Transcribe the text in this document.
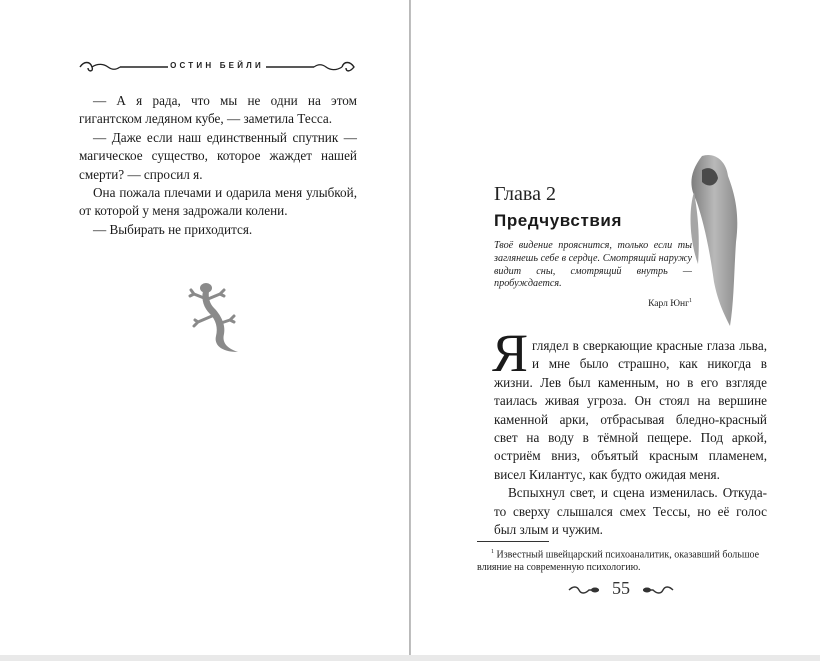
ОСТИН БЕЙЛИ

— А я рада, что мы не одни на этом гигантском ледяном кубе, — заметила Тесса.

— Даже если наш единственный спутник — магическое существо, которое жаждет нашей смерти? — спросил я.

Она пожала плечами и одарила меня улыбкой, от которой у меня задрожали колени.

— Выбирать не приходится.

Глава 2
Предчувствия
Твоё видение прояснится, только если ты заглянешь себе в сердце. Смотрящий наружу видит сны, смотрящий внутрь — пробуждается.
Карл Юнг$^1$

Яглядел в сверкающие красные глаза льва, и мне было страшно, как никогда в жизни. Лев был каменным, но в его взгляде таилась живая угроза. Он стоял на вершине каменной арки, отбрасывая бледно-красный свет на воду в тёмной пещере. Под аркой, остриём вниз, объятый красным пламенем, висел Килантус, как будто ожидая меня.

Вспыхнул свет, и сцена изменилась. Откуда-то сверху слышался смех Тессы, но её голос был злым и чужим.

$^1$ Известный швейцарский психоаналитик, оказавший большое влияние на современную психологию.

55
